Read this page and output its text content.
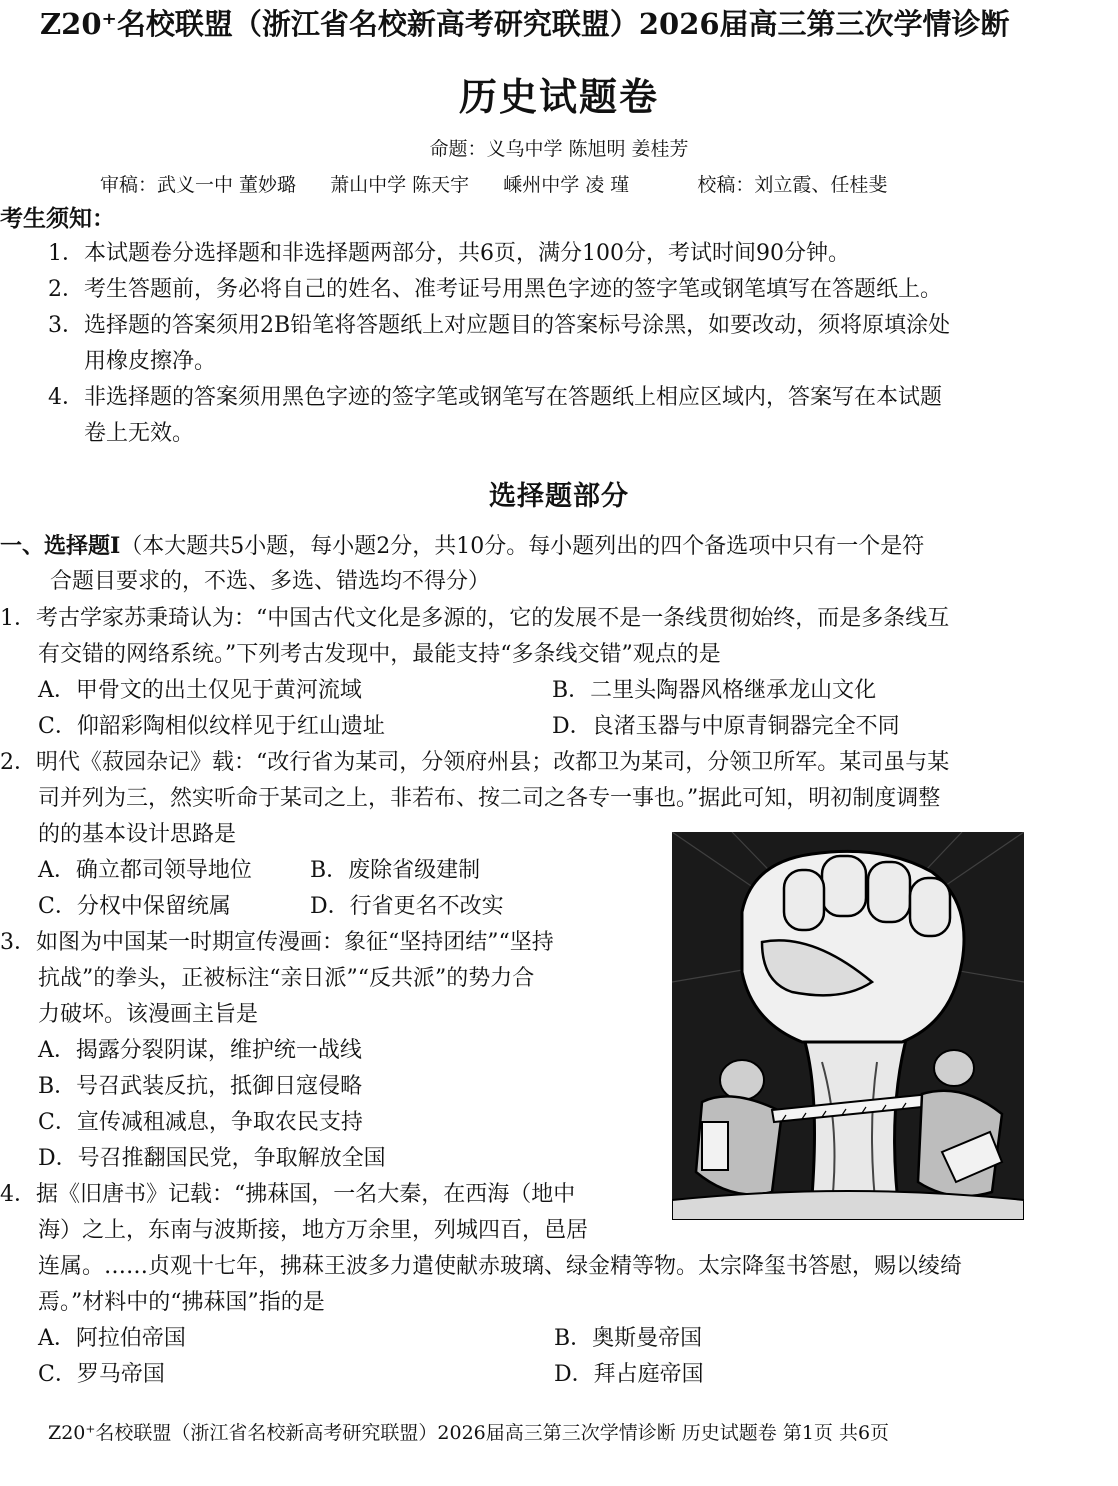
Z20⁺名校联盟（浙江省名校新高考研究联盟）2026届高三第三次学情诊断
历史试题卷
命题：义乌中学 陈旭明 姜桂芳
审稿：武义一中 董妙璐 萧山中学 陈天宇 嵊州中学 凌 瑾	校稿：刘立霞、任桂斐
考生须知：
1．本试题卷分选择题和非选择题两部分，共6页，满分100分，考试时间90分钟。
2．考生答题前，务必将自己的姓名、准考证号用黑色字迹的签字笔或钢笔填写在答题纸上。
3．选择题的答案须用2B铅笔将答题纸上对应题目的答案标号涂黑，如要改动，须将原填涂处
用橡皮擦净。
4．非选择题的答案须用黑色字迹的签字笔或钢笔写在答题纸上相应区域内，答案写在本试题
卷上无效。
选择题部分
一、选择题Ⅰ（本大题共5小题，每小题2分，共10分。每小题列出的四个备选项中只有一个是符
合题目要求的，不选、多选、错选均不得分）
1．考古学家苏秉琦认为：“中国古代文化是多源的，它的发展不是一条线贯彻始终，而是多条线互
有交错的网络系统。”下列考古发现中，最能支持“多条线交错”观点的是
A．甲骨文的出土仅见于黄河流域	B．二里头陶器风格继承龙山文化
C．仰韶彩陶相似纹样见于红山遗址	D．良渚玉器与中原青铜器完全不同
2．明代《菽园杂记》载：“改行省为某司，分领府州县；改都卫为某司，分领卫所军。某司虽与某
司并列为三，然实听命于某司之上，非若布、按二司之各专一事也。”据此可知，明初制度调整
的的基本设计思路是
A．确立都司领导地位	B．废除省级建制
C．分权中保留统属	D．行省更名不改实
3．如图为中国某一时期宣传漫画：象征“坚持团结”“坚持
抗战”的拳头，正被标注“亲日派”“反共派”的势力合
力破坏。该漫画主旨是
A．揭露分裂阴谋，维护统一战线
B．号召武装反抗，抵御日寇侵略
C．宣传减租减息，争取农民支持
D．号召推翻国民党，争取解放全国
4．据《旧唐书》记载：“拂菻国，一名大秦，在西海（地中
海）之上，东南与波斯接，地方万余里，列城四百，邑居
连属。……贞观十七年，拂菻王波多力遣使献赤玻璃、绿金精等物。太宗降玺书答慰，赐以绫绮
焉。”材料中的“拂菻国”指的是
A．阿拉伯帝国	B．奥斯曼帝国
C．罗马帝国	D．拜占庭帝国
Z20⁺名校联盟（浙江省名校新高考研究联盟）2026届高三第三次学情诊断 历史试题卷 第1页 共6页
